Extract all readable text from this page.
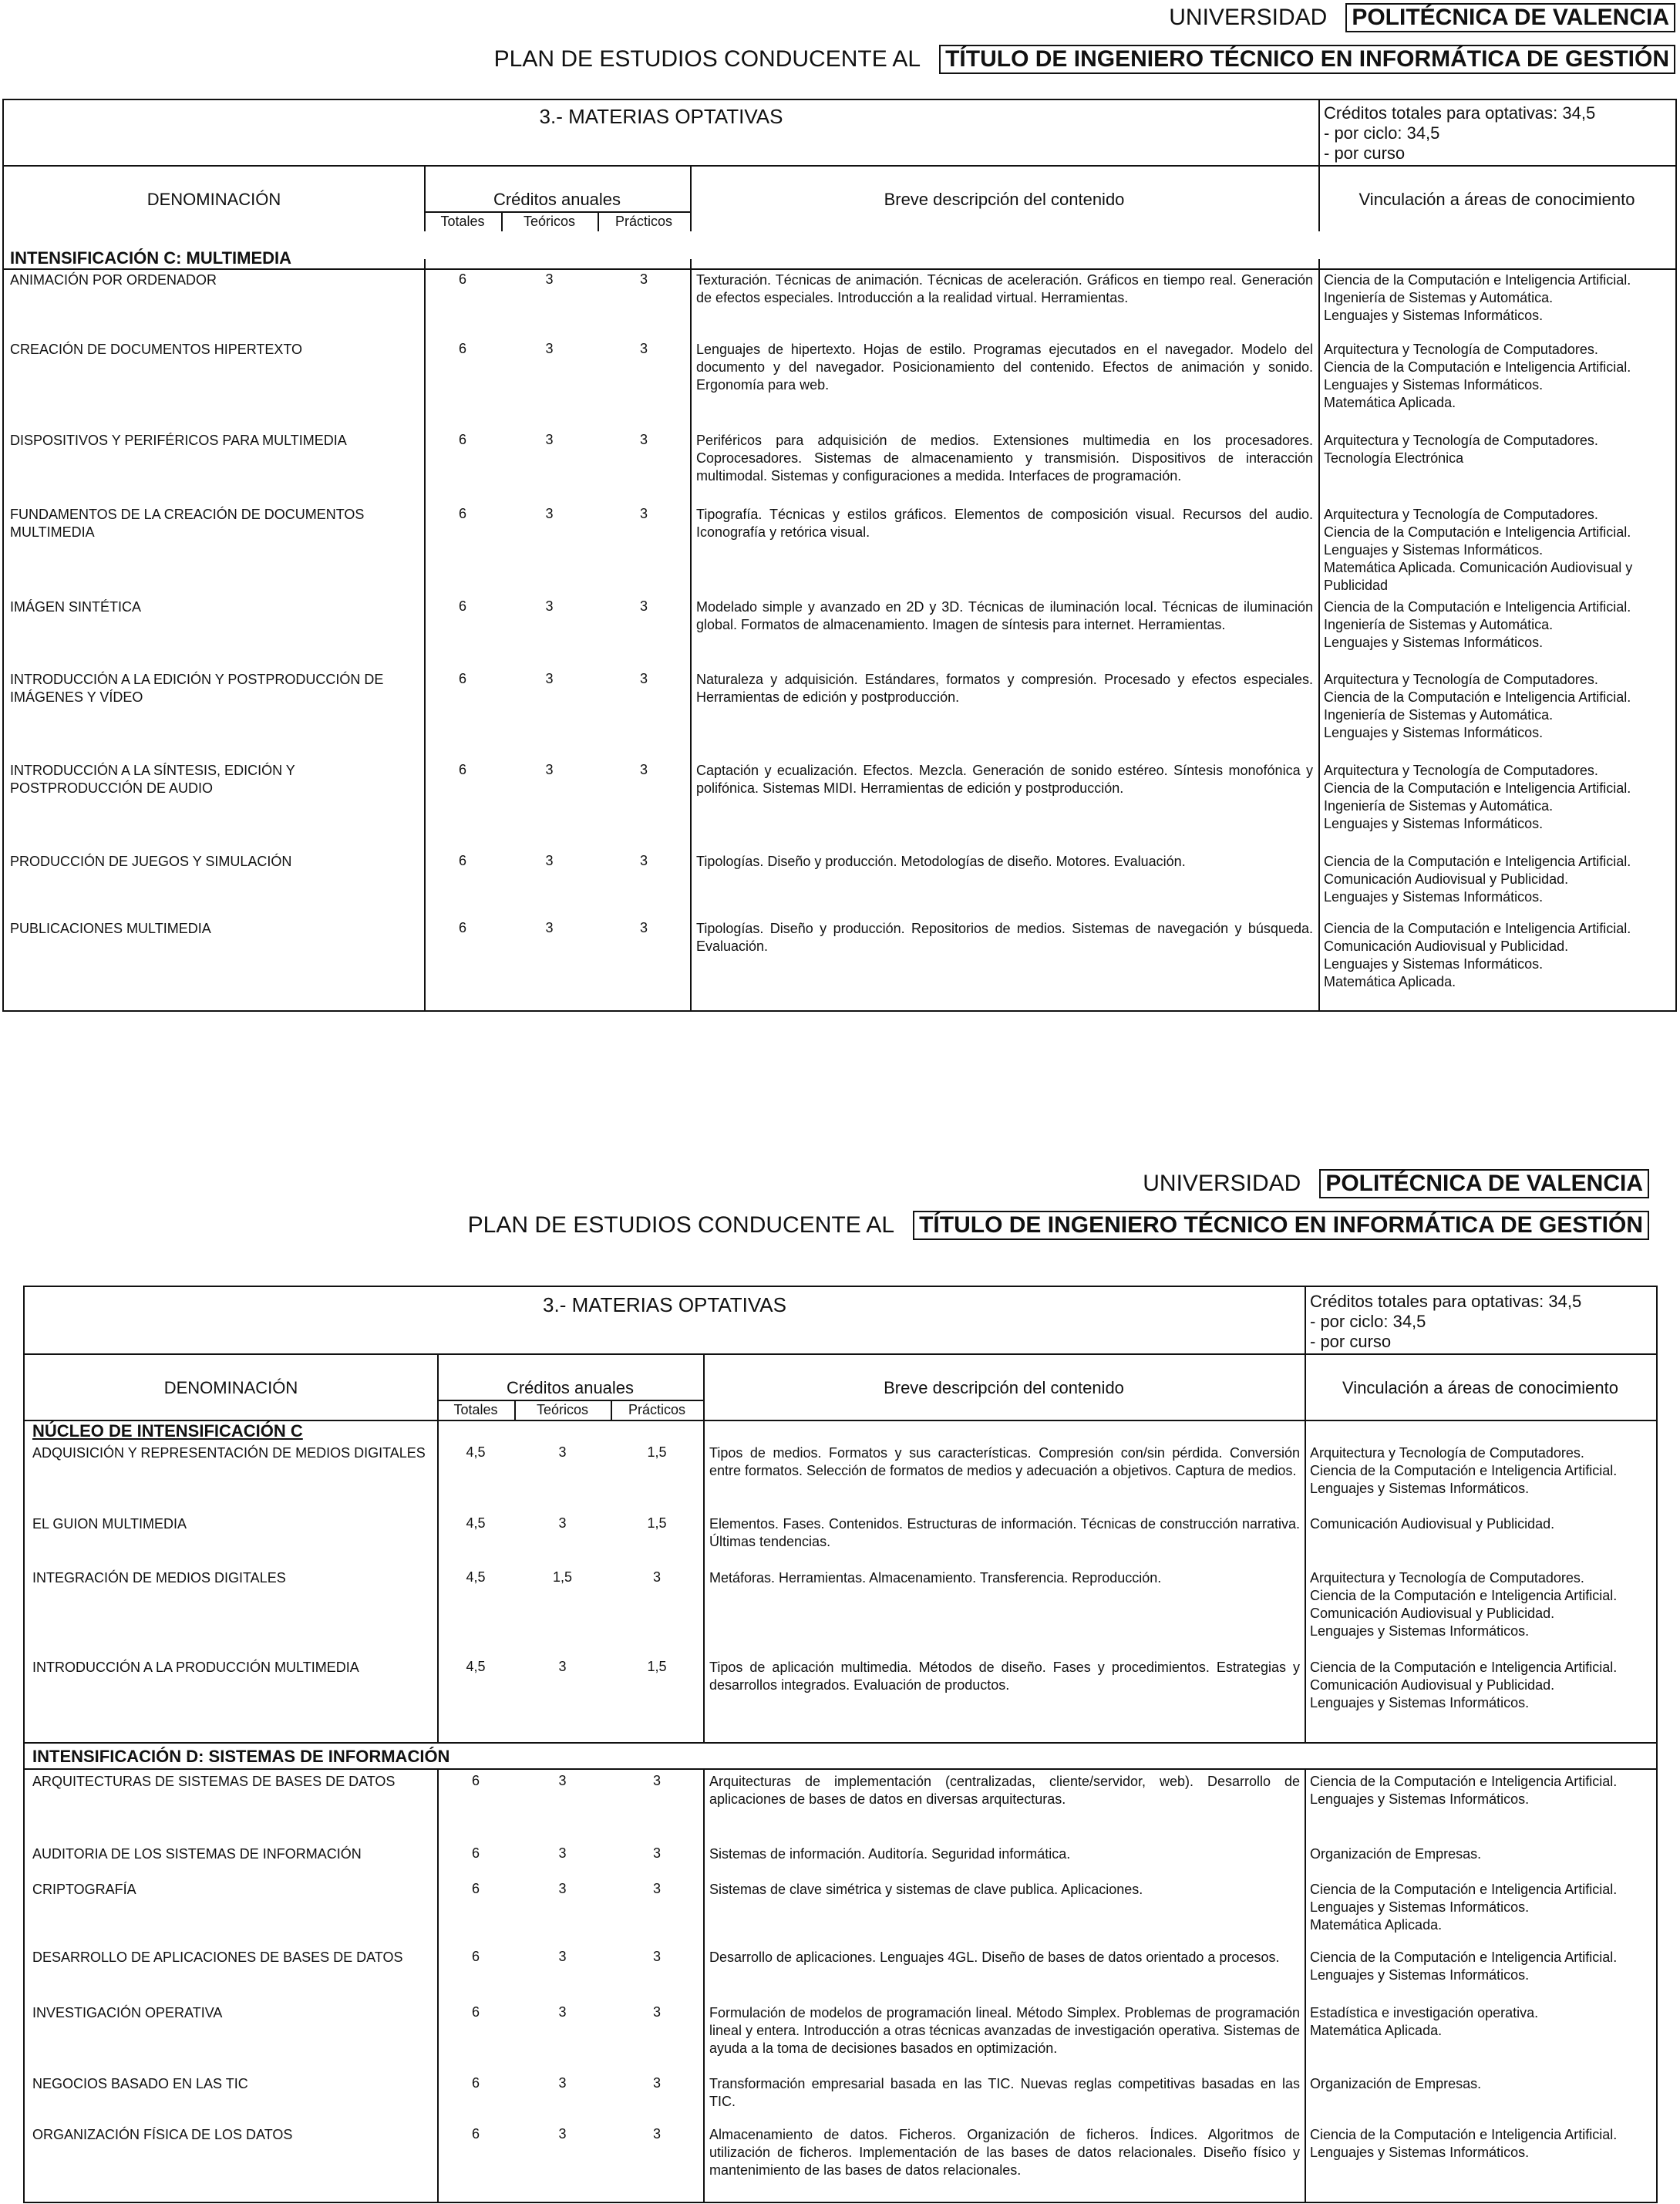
UNIVERSIDAD POLITÉCNICA DE VALENCIA
PLAN DE ESTUDIOS CONDUCENTE AL TÍTULO DE INGENIERO TÉCNICO EN INFORMÁTICA DE GESTIÓN
3.- MATERIAS OPTATIVAS	Créditos totales para optativas: 34,5
- por ciclo: 34,5
- por curso
DENOMINACIÓN	Créditos anuales
Totales	Teóricos	Prácticos
Breve descripción del contenido	Vinculación a áreas de conocimiento
INTENSIFICACIÓN C: MULTIMEDIA
ANIMACIÓN POR ORDENADOR	6	3	3	Texturación. Técnicas de animación. Técnicas de aceleración. Gráficos en tiempo real. Generación de efectos especiales. Introducción a la realidad virtual. Herramientas.
Ciencia de la Computación e Inteligencia Artificial.
Ingeniería de Sistemas y Automática.
Lenguajes y Sistemas Informáticos.
CREACIÓN DE DOCUMENTOS HIPERTEXTO	6	3	3	Lenguajes de hipertexto. Hojas de estilo. Programas ejecutados en el navegador. Modelo del documento y del navegador. Posicionamiento del contenido. Efectos de animación y sonido. Ergonomía para web.
Arquitectura y Tecnología de Computadores.
Ciencia de la Computación e Inteligencia Artificial.
Lenguajes y Sistemas Informáticos.
Matemática Aplicada.
DISPOSITIVOS Y PERIFÉRICOS PARA MULTIMEDIA	6	3	3	Periféricos para adquisición de medios. Extensiones multimedia en los procesadores. Coprocesadores. Sistemas de almacenamiento y transmisión. Dispositivos de interacción multimodal. Sistemas y configuraciones a medida. Interfaces de programación.
Arquitectura y Tecnología de Computadores.
Tecnología Electrónica
FUNDAMENTOS DE LA CREACIÓN DE DOCUMENTOS MULTIMEDIA
6	3	3	Tipografía. Técnicas y estilos gráficos. Elementos de composición visual. Recursos del audio. Iconografía y retórica visual.
Arquitectura y Tecnología de Computadores.
Ciencia de la Computación e Inteligencia Artificial.
Lenguajes y Sistemas Informáticos.
Matemática Aplicada. Comunicación Audiovisual y Publicidad
IMÁGEN SINTÉTICA	6	3	3	Modelado simple y avanzado en 2D y 3D. Técnicas de iluminación local. Técnicas de iluminación global. Formatos de almacenamiento. Imagen de síntesis para internet. Herramientas.
Ciencia de la Computación e Inteligencia Artificial.
Ingeniería de Sistemas y Automática.
Lenguajes y Sistemas Informáticos.
INTRODUCCIÓN A LA EDICIÓN Y POSTPRODUCCIÓN DE IMÁGENES Y VÍDEO
6	3	3	Naturaleza y adquisición. Estándares, formatos y compresión. Procesado y efectos especiales. Herramientas de edición y postproducción.
Arquitectura y Tecnología de Computadores.
Ciencia de la Computación e Inteligencia Artificial.
Ingeniería de Sistemas y Automática.
Lenguajes y Sistemas Informáticos.
INTRODUCCIÓN A LA SÍNTESIS, EDICIÓN Y POSTPRODUCCIÓN DE AUDIO
6	3	3	Captación y ecualización. Efectos. Mezcla. Generación de sonido estéreo. Síntesis monofónica y polifónica. Sistemas MIDI. Herramientas de edición y postproducción.
Arquitectura y Tecnología de Computadores.
Ciencia de la Computación e Inteligencia Artificial.
Ingeniería de Sistemas y Automática.
Lenguajes y Sistemas Informáticos.
PRODUCCIÓN DE JUEGOS Y SIMULACIÓN	6	3	3	Tipologías. Diseño y producción. Metodologías de diseño. Motores. Evaluación.	Ciencia de la Computación e Inteligencia Artificial.
Comunicación Audiovisual y Publicidad.
Lenguajes y Sistemas Informáticos.
PUBLICACIONES MULTIMEDIA	6	3	3	Tipologías. Diseño y producción. Repositorios de medios. Sistemas de navegación y búsqueda. Evaluación.
Ciencia de la Computación e Inteligencia Artificial.
Comunicación Audiovisual y Publicidad.
Lenguajes y Sistemas Informáticos.
Matemática Aplicada.
UNIVERSIDAD POLITÉCNICA DE VALENCIA
PLAN DE ESTUDIOS CONDUCENTE AL TÍTULO DE INGENIERO TÉCNICO EN INFORMÁTICA DE GESTIÓN
3.- MATERIAS OPTATIVAS	Créditos totales para optativas: 34,5
- por ciclo: 34,5
- por curso
DENOMINACIÓN	Créditos anuales
Totales	Teóricos	Prácticos
Breve descripción del contenido	Vinculación a áreas de conocimiento
NÚCLEO DE INTENSIFICACIÓN C
ADQUISICIÓN Y REPRESENTACIÓN DE MEDIOS DIGITALES	4,5	3	1,5	Tipos de medios. Formatos y sus características. Compresión con/sin pérdida. Conversión entre formatos. Selección de formatos de medios y adecuación a objetivos. Captura de medios.
Arquitectura y Tecnología de Computadores.
Ciencia de la Computación e Inteligencia Artificial.
Lenguajes y Sistemas Informáticos.
EL GUION MULTIMEDIA	4,5	3	1,5	Elementos. Fases. Contenidos. Estructuras de información. Técnicas de construcción narrativa. Últimas tendencias.
Comunicación Audiovisual y Publicidad.
INTEGRACIÓN DE MEDIOS DIGITALES	4,5	1,5	3	Metáforas. Herramientas. Almacenamiento. Transferencia. Reproducción.	Arquitectura y Tecnología de Computadores.
Ciencia de la Computación e Inteligencia Artificial.
Comunicación Audiovisual y Publicidad.
Lenguajes y Sistemas Informáticos.
INTRODUCCIÓN A LA PRODUCCIÓN MULTIMEDIA	4,5	3	1,5	Tipos de aplicación multimedia. Métodos de diseño. Fases y procedimientos. Estrategias y desarrollos integrados. Evaluación de productos.
Ciencia de la Computación e Inteligencia Artificial.
Comunicación Audiovisual y Publicidad.
Lenguajes y Sistemas Informáticos.
INTENSIFICACIÓN D: SISTEMAS DE INFORMACIÓN
ARQUITECTURAS DE SISTEMAS DE BASES DE DATOS	6	3	3	Arquitecturas de implementación (centralizadas, cliente/servidor, web). Desarrollo de aplicaciones de bases de datos en diversas arquitecturas.
Ciencia de la Computación e Inteligencia Artificial.
Lenguajes y Sistemas Informáticos.
AUDITORIA DE LOS SISTEMAS DE INFORMACIÓN	6	3	3	Sistemas de información. Auditoría. Seguridad informática.	Organización de Empresas.
CRIPTOGRAFÍA	6	3	3	Sistemas de clave simétrica y sistemas de clave publica. Aplicaciones.	Ciencia de la Computación e Inteligencia Artificial.
Lenguajes y Sistemas Informáticos.
Matemática Aplicada.
DESARROLLO DE APLICACIONES DE BASES DE DATOS	6	3	3	Desarrollo de aplicaciones. Lenguajes 4GL. Diseño de bases de datos orientado a procesos.	Ciencia de la Computación e Inteligencia Artificial.
Lenguajes y Sistemas Informáticos.
INVESTIGACIÓN OPERATIVA	6	3	3	Formulación de modelos de programación lineal. Método Simplex. Problemas de programación lineal y entera. Introducción a otras técnicas avanzadas de investigación operativa. Sistemas de ayuda a la toma de decisiones basados en optimización.
Estadística e investigación operativa.
Matemática Aplicada.
NEGOCIOS BASADO EN LAS TIC	6	3	3	Transformación empresarial basada en las TIC. Nuevas reglas competitivas basadas en las TIC.
Organización de Empresas.
ORGANIZACIÓN FÍSICA DE LOS DATOS	6	3	3	Almacenamiento de datos. Ficheros. Organización de ficheros. Índices. Algoritmos de utilización de ficheros. Implementación de las bases de datos relacionales. Diseño físico y mantenimiento de las bases de datos relacionales.
Ciencia de la Computación e Inteligencia Artificial.
Lenguajes y Sistemas Informáticos.
